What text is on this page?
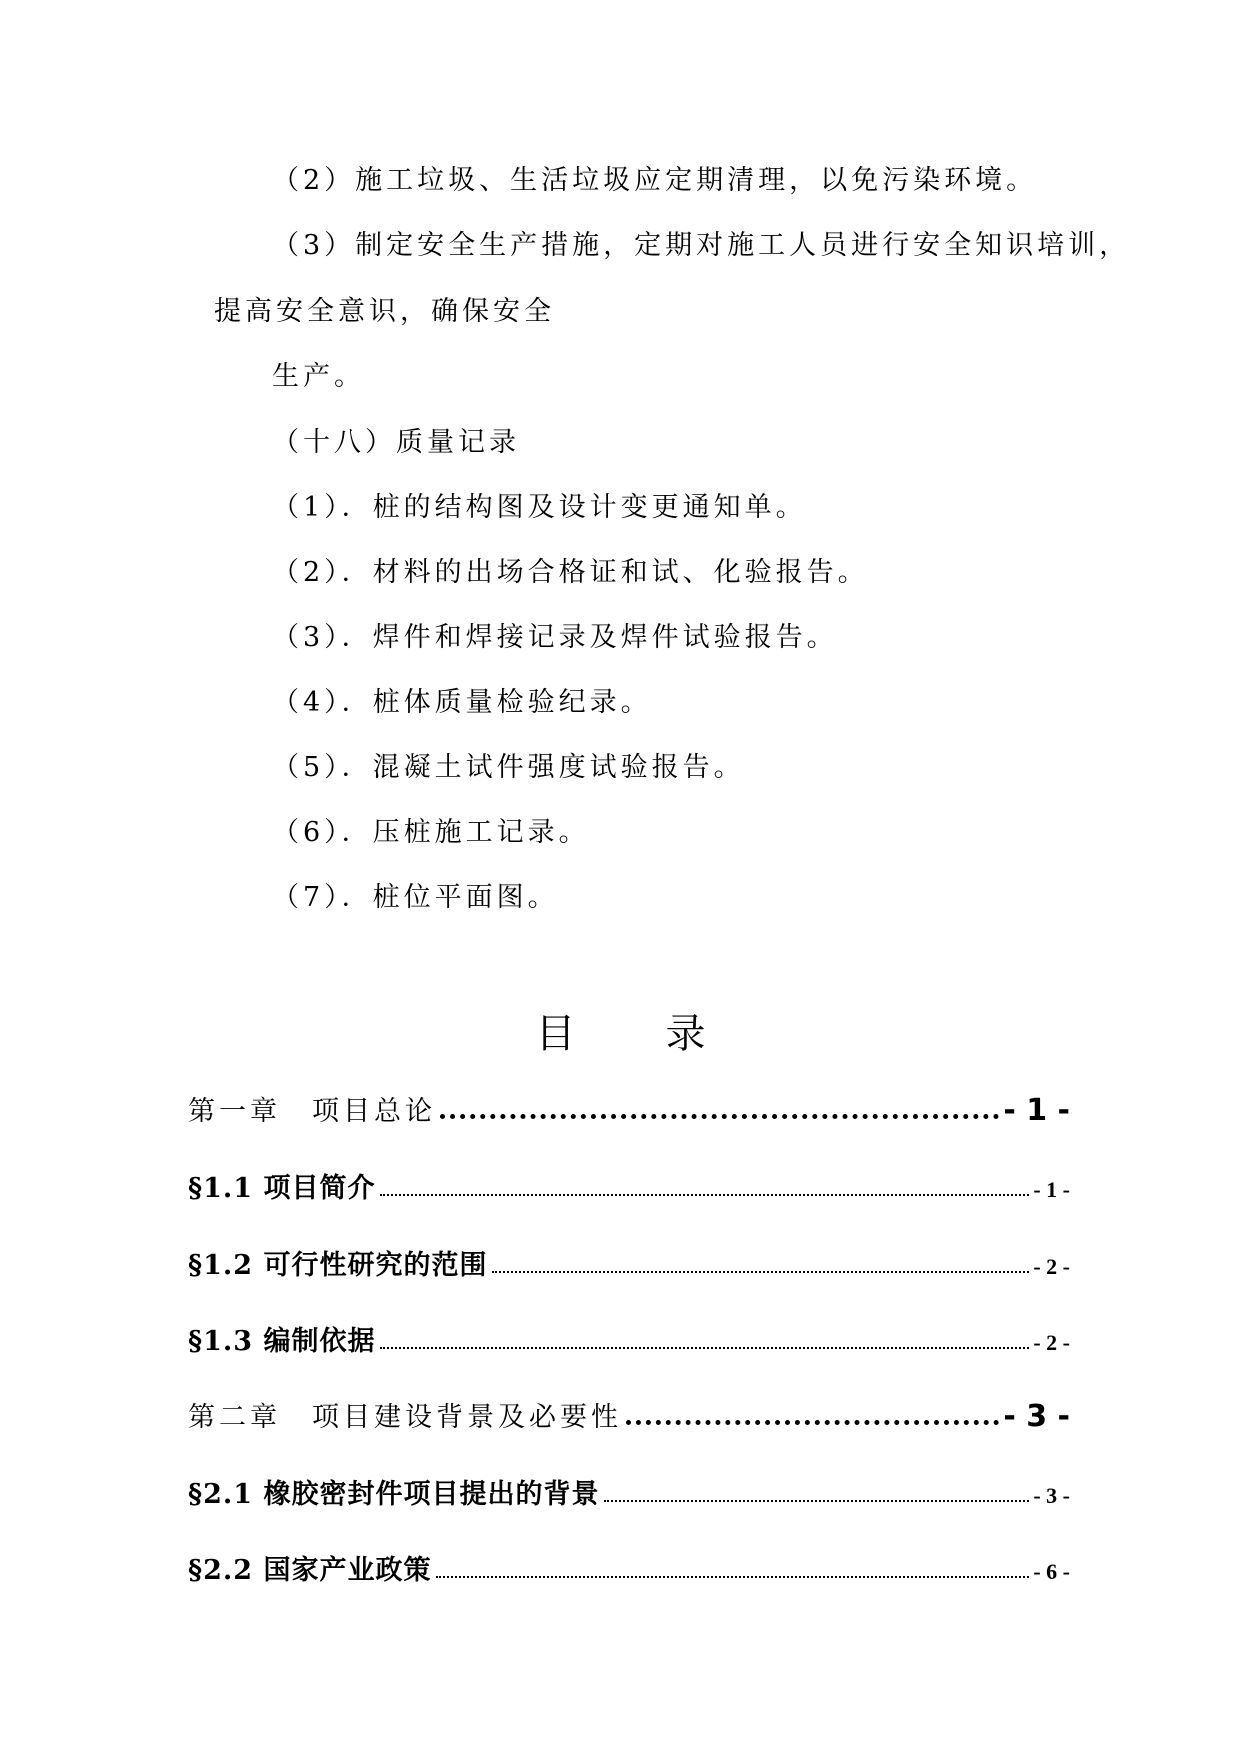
（2）施工垃圾、生活垃圾应定期清理，以免污染环境。
（3）制定安全生产措施，定期对施工人员进行安全知识培训，
提高安全意识，确保安全
生产。
（十八）质量记录
（1）．桩的结构图及设计变更通知单。
（2）．材料的出场合格证和试、化验报告。
（3）．焊件和焊接记录及焊件试验报告。
（4）．桩体质量检验纪录。
（5）．混凝土试件强度试验报告。
（6）．压桩施工记录。
（7）．桩位平面图。
目 录
第一章　项目总论	- 1 -
§1.1 项目简介	- 1 -
§1.2 可行性研究的范围	- 2 -
§1.3 编制依据	- 2 -
第二章　项目建设背景及必要性	- 3 -
§2.1 橡胶密封件项目提出的背景	- 3 -
§2.2 国家产业政策	- 6 -
